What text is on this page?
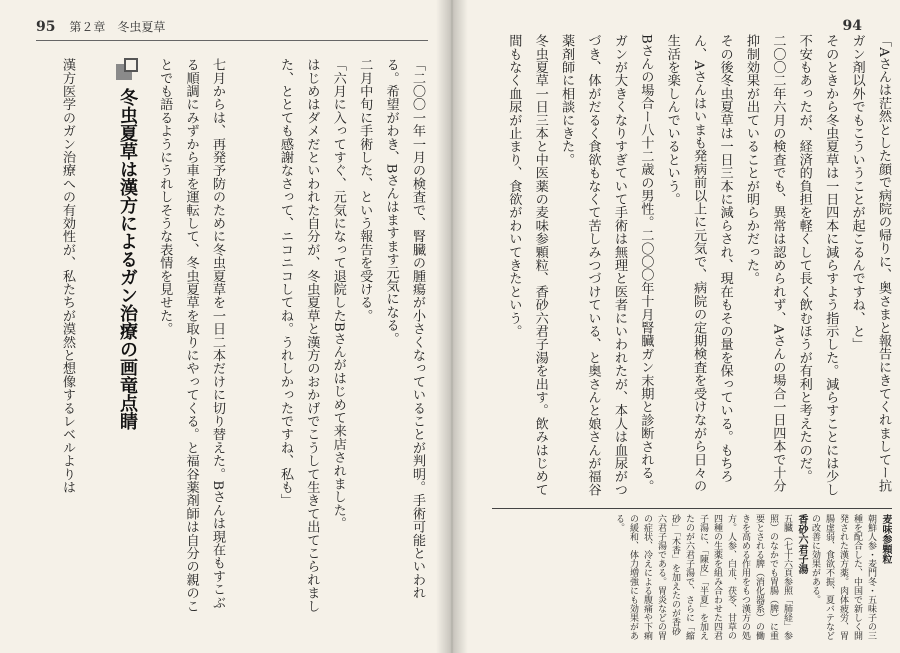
95 第２章　冬虫夏草

「二〇〇一年一月の検査で、腎臓の腫瘍が小さくなっていることが判明。手術可能といわれる。希望がわき、Bさんはますます元気になる。

二月中旬に手術した、という報告を受ける。

「六月に入ってすぐ、元気になって退院したBさんがはじめて来店されました。

はじめはダメだといわれた自分が、冬虫夏草と漢方のおかげでこうして生きて出てこられました、ととても感謝なさって、ニコニコしてね。うれしかったですね、私も」

七月からは、再発予防のために冬虫夏草を一日二本だけに切り替えた。Bさんは現在もすこぶる順調にみずから車を運転して、冬虫夏草を取りにやってくる。と福谷薬剤師は自分の親のことでも語るようにうれしそうな表情を見せた。

冬虫夏草は漢方によるガン治療の画竜点睛

漢方医学のガン治療への有効性が、私たちが漠然と想像するレベルよりは

94

「Aさんは茫然とした顔で病院の帰りに、奥さまと報告にきてくれましてー抗ガン剤以外でもこういうことが起こるんですね、と」

そのときから冬虫夏草は一日四本に減らすよう指示した。減らすことには少し不安もあったが、経済的負担を軽くして長く飲むほうが有利と考えたのだ。

二〇〇二年六月の検査でも、異常は認められず、Aさんの場合一日四本で十分抑制効果が出ていることが明らかだった。

その後冬虫夏草は一日三本に減らされ、現在もその量を保っている。もちろん、Aさんはいまも発病前以上に元気で、病院の定期検査を受けながら日々の生活を楽しんでいるという。

Bさんの場合ー八十二歳の男性。二〇〇〇年十月腎臓ガン末期と診断される。ガンが大きくなりすぎていて手術は無理と医者にいわれたが、本人は血尿がつづき、体がだるく食欲もなくて苦しみつづけている、と奥さんと娘さんが福谷薬剤師に相談にきた。

冬虫夏草一日三本と中医薬の麦味参顆粒、香砂六君子湯を出す。飲みはじめて間もなく血尿が止まり、食欲がわいてきたという。

麦味参顆粒

朝鮮人参・麦門冬・五味子の三種を配合した、中国で新しく開発された漢方薬。肉体疲労、胃腸虚弱、食欲不振、夏バテなどの改善に効果がある。

香砂六君子湯

五臓（七十六頁参照「肺経」参照）のなかでも胃腸（脾）に重要とされる脾（消化器系）の働きを高める作用をもつ漢方の処方。人参、白朮、茯苓、甘草の四種の生薬を組み合わせた四君子湯に、「陳皮」「半夏」を加えたのが六君子湯で、さらに「縮砂」「木香」を加えたのが香砂六君子湯である。胃炎などの胃の症状、冷えによる腹痛や下痢の緩和、体力増強にも効果がある。
